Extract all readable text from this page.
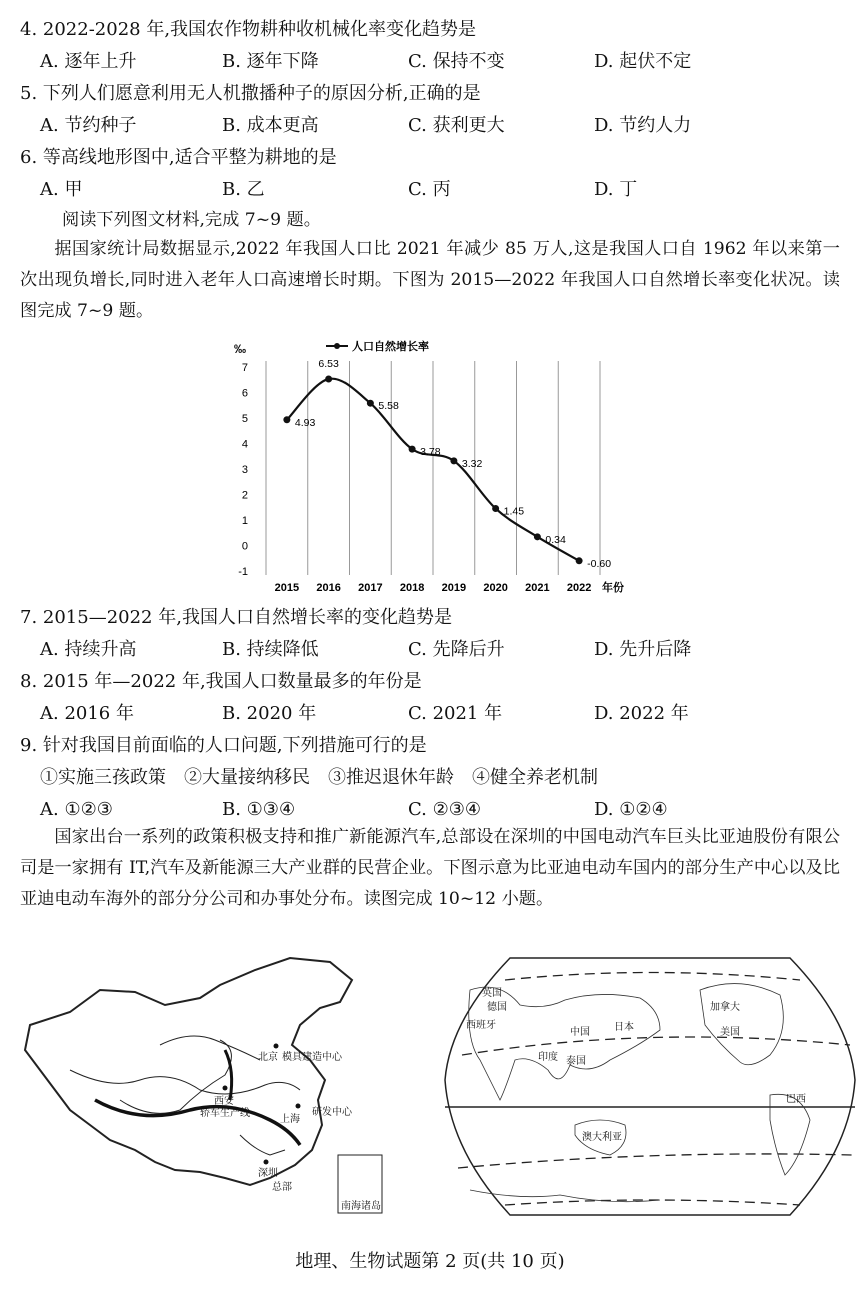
4. 2022-2028 年,我国农作物耕种收机械化率变化趋势是
A. 逐年上升	B. 逐年下降	C. 保持不变	D. 起伏不定
5. 下列人们愿意利用无人机撒播种子的原因分析,正确的是
A. 节约种子	B. 成本更高	C. 获利更大	D. 节约人力
6. 等高线地形图中,适合平整为耕地的是
A. 甲	B. 乙	C. 丙	D. 丁
阅读下列图文材料,完成 7~9 题。
据国家统计局数据显示,2022 年我国人口比 2021 年减少 85 万人,这是我国人口自 1962 年以来第一次出现负增长,同时进入老年人口高速增长时期。下图为 2015—2022 年我国人口自然增长率变化状况。读图完成 7~9 题。
-1
0
1
2
3
4
5
6
7
2015 2016 2017 2018 2019 2020 2021 2022
‰
年份
人口自然增长率
4.93
6.53
5.58
3.78
3.32
1.45
0.34
-0.60
7. 2015—2022 年,我国人口自然增长率的变化趋势是
A. 持续升高	B. 持续降低	C. 先降后升	D. 先升后降
8. 2015 年—2022 年,我国人口数量最多的年份是
A. 2016 年	B. 2020 年	C. 2021 年	D. 2022 年
9. 针对我国目前面临的人口问题,下列措施可行的是
①实施三孩政策　②大量接纳移民　③推迟退休年龄　④健全养老机制
A. ①②③	B. ①③④	C. ②③④	D. ①②④
国家出台一系列的政策积极支持和推广新能源汽车,总部设在深圳的中国电动汽车巨头比亚迪股份有限公司是一家拥有 IT,汽车及新能源三大产业群的民营企业。下图示意为比亚迪电动车国内的部分生产中心以及比亚迪电动车海外的部分分公司和办事处分布。读图完成 10~12 小题。
北京 模具建造中心
西安
轿车生产线
上海
研发中心
深圳
总部
南海诸岛
英国
德国
西班牙
加拿大
美国
中国 日本
印度 泰国
澳大利亚
巴西
地理、生物试题第 2 页(共 10 页)
